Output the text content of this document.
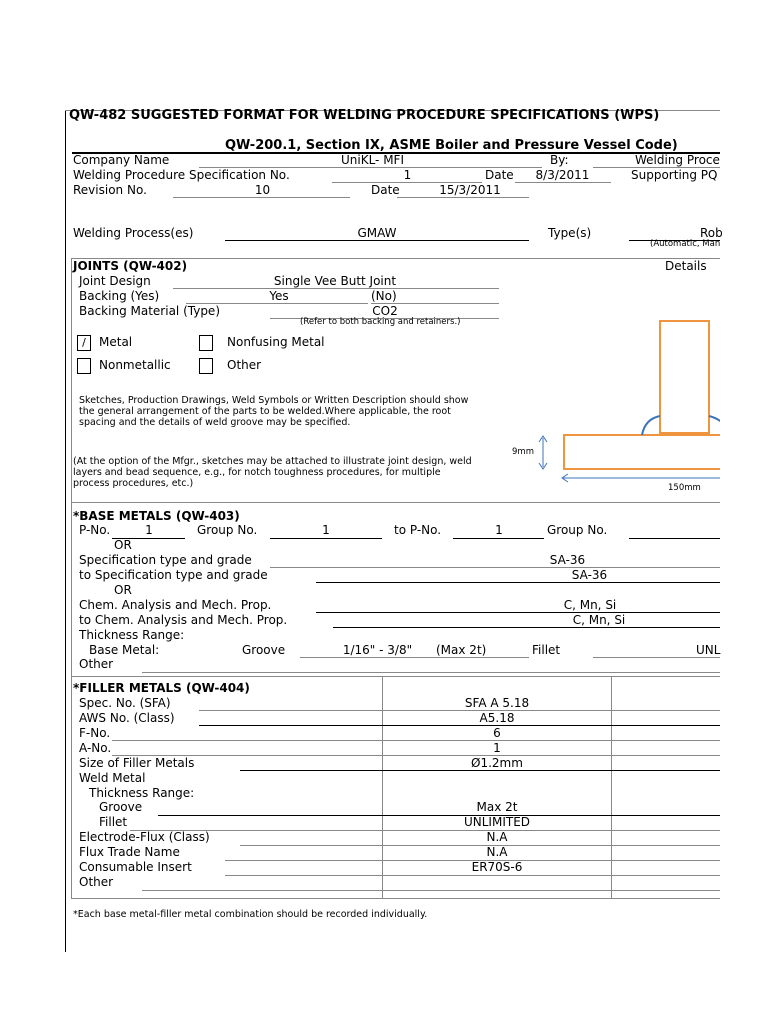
QW-482 SUGGESTED FORMAT FOR WELDING PROCEDURE SPECIFICATIONS (WPS)
QW-200.1, Section IX, ASME Boiler and Pressure Vessel Code)
Company Name	UniKL- MFI	By:	Welding Proce
Welding Procedure Specification No.	1	Date	8/3/2011	Supporting PQ
Revision No.	10	Date	15/3/2011
Welding Process(es)	GMAW	Type(s)	Rob
(Automatic, Man
JOINTS (QW-402)	Details
Joint Design	Single Vee Butt Joint
Backing (Yes)	Yes	(No)
Backing Material (Type)	CO2
(Refer to both backing and retainers.)
/	Metal	Nonfusing Metal
Nonmetallic	Other
Sketches, Production Drawings, Weld Symbols or Written Description should show
the general arrangement of the parts to be welded.Where applicable, the root
spacing and the details of weld groove may be specified.
(At the option of the Mfgr., sketches may be attached to illustrate joint design, weld
layers and bead sequence, e.g., for notch toughness procedures, for multiple
process procedures, etc.)
9mm
150mm
*BASE METALS (QW-403)
P-No.	1	Group No.	1	to P-No.	1	Group No.
OR
Specification type and grade	SA-36
to Specification type and grade	SA-36
OR
Chem. Analysis and Mech. Prop.	C, Mn, Si
to Chem. Analysis and Mech. Prop.	C, Mn, Si
Thickness Range:
Base Metal:	Groove	1/16" - 3/8"	(Max 2t)	Fillet	UNL
Other
*FILLER METALS (QW-404)
Spec. No. (SFA)	SFA A 5.18
AWS No. (Class)	A5.18
F-No.	6
A-No.	1
Size of Filler Metals	Ø1.2mm
Weld Metal
Thickness Range:
Groove	Max 2t
Fillet	UNLIMITED
Electrode-Flux (Class)	N.A
Flux Trade Name	N.A
Consumable Insert	ER70S-6
Other
*Each base metal-filler metal combination should be recorded individually.
